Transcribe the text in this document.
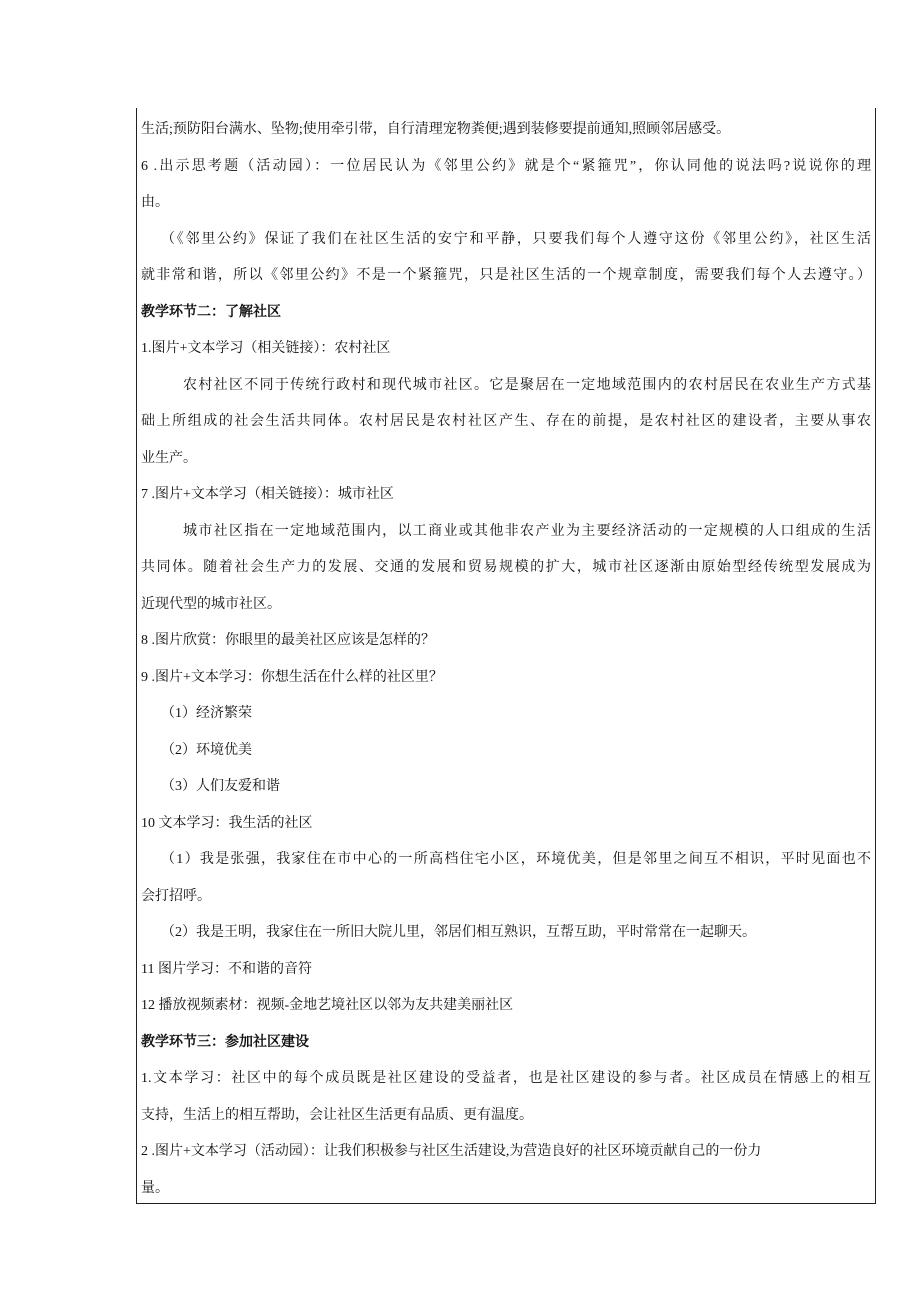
生活;预防阳台满水、坠物;使用牵引带，自行清理宠物粪便;遇到装修要提前通知,照顾邻居感受。
6 .出示思考题（活动园）：一位居民认为《邻里公约》就是个“紧箍咒”，你认同他的说法吗?说说你的理
由。
（《邻里公约》保证了我们在社区生活的安宁和平静，只要我们每个人遵守这份《邻里公约》，社区生活
就非常和谐，所以《邻里公约》不是一个紧箍咒，只是社区生活的一个规章制度，需要我们每个人去遵守。）
教学环节二：了解社区
1.图片+文本学习（相关链接）：农村社区
农村社区不同于传统行政村和现代城市社区。它是聚居在一定地域范围内的农村居民在农业生产方式基
础上所组成的社会生活共同体。农村居民是农村社区产生、存在的前提，是农村社区的建设者，主要从事农
业生产。
7 .图片+文本学习（相关链接）：城市社区
城市社区指在一定地域范围内，以工商业或其他非农产业为主要经济活动的一定规模的人口组成的生活
共同体。随着社会生产力的发展、交通的发展和贸易规模的扩大，城市社区逐渐由原始型经传统型发展成为
近现代型的城市社区。
8 .图片欣赏：你眼里的最美社区应该是怎样的？
9 .图片+文本学习：你想生活在什么样的社区里？
（1）经济繁荣
（2）环境优美
（3）人们友爱和谐
10 文本学习：我生活的社区
（1）我是张强，我家住在市中心的一所高档住宅小区，环境优美，但是邻里之间互不相识，平时见面也不
会打招呼。
（2）我是王明，我家住在一所旧大院儿里，邻居们相互熟识，互帮互助，平时常常在一起聊天。
11 图片学习：不和谐的音符
12 播放视频素材：视频-金地艺境社区以邻为友共建美丽社区
教学环节三：参加社区建设
1.文本学习：社区中的每个成员既是社区建设的受益者，也是社区建设的参与者。社区成员在情感上的相互
支持，生活上的相互帮助，会让社区生活更有品质、更有温度。
2 .图片+文本学习（活动园）：让我们积极参与社区生活建设,为营造良好的社区环境贡献自己的一份力
量。
